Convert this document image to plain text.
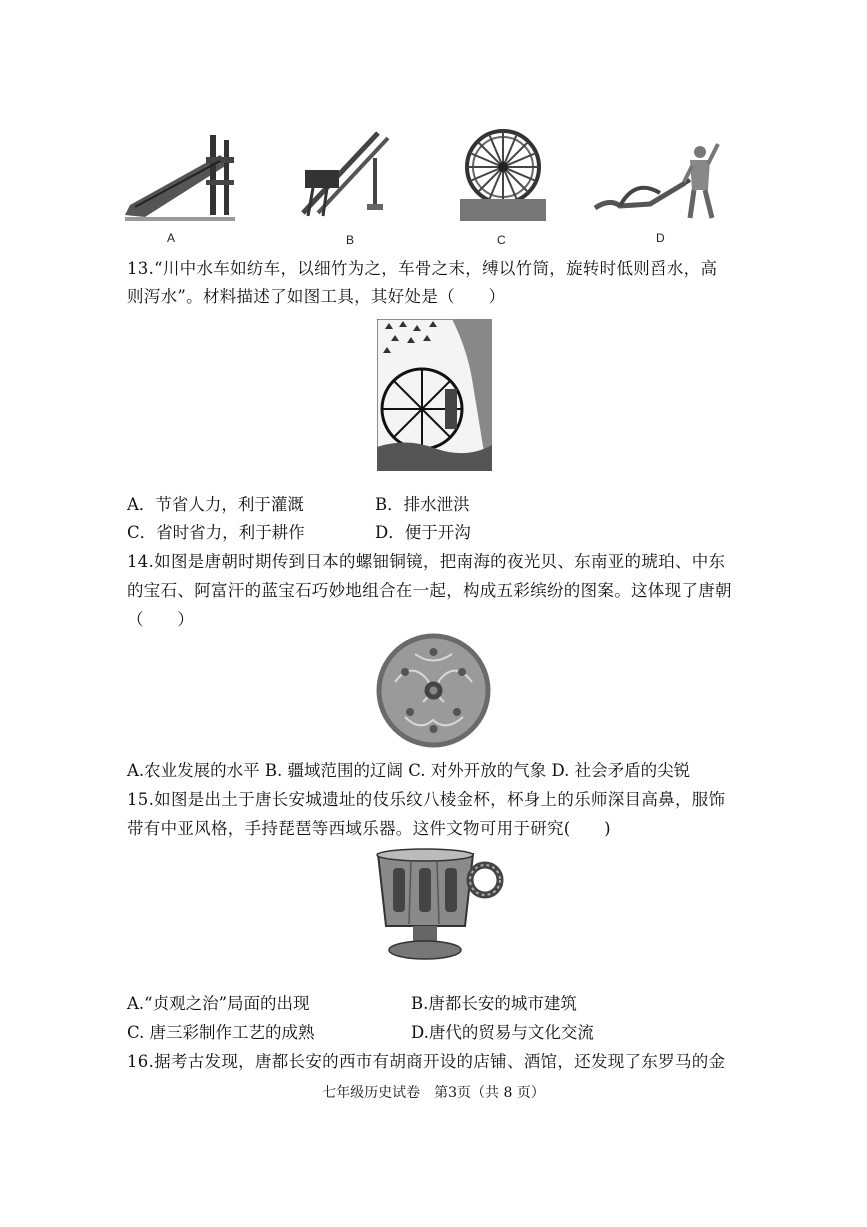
A	B	C	D
13.“川中水车如纺车，以细竹为之，车骨之末，缚以竹筒，旋转时低则舀水，高
则泻水”。材料描述了如图工具，其好处是（　　）
A．节省人力，利于灌溉	B．排水泄洪
C．省时省力，利于耕作	D．便于开沟
14.如图是唐朝时期传到日本的螺钿铜镜，把南海的夜光贝、东南亚的琥珀、中东
的宝石、阿富汗的蓝宝石巧妙地组合在一起，构成五彩缤纷的图案。这体现了唐朝
（　　）
A.农业发展的水平 B. 疆域范围的辽阔 C. 对外开放的气象 D. 社会矛盾的尖锐
15.如图是出土于唐长安城遗址的伎乐纹八棱金杯，杯身上的乐师深目高鼻，服饰
带有中亚风格，手持琵琶等西域乐器。这件文物可用于研究(　　)
A.“贞观之治”局面的出现	B.唐都长安的城市建筑
C. 唐三彩制作工艺的成熟	D.唐代的贸易与文化交流
16.据考古发现，唐都长安的西市有胡商开设的店铺、酒馆，还发现了东罗马的金
七年级历史试卷　第3页（共 8 页）
